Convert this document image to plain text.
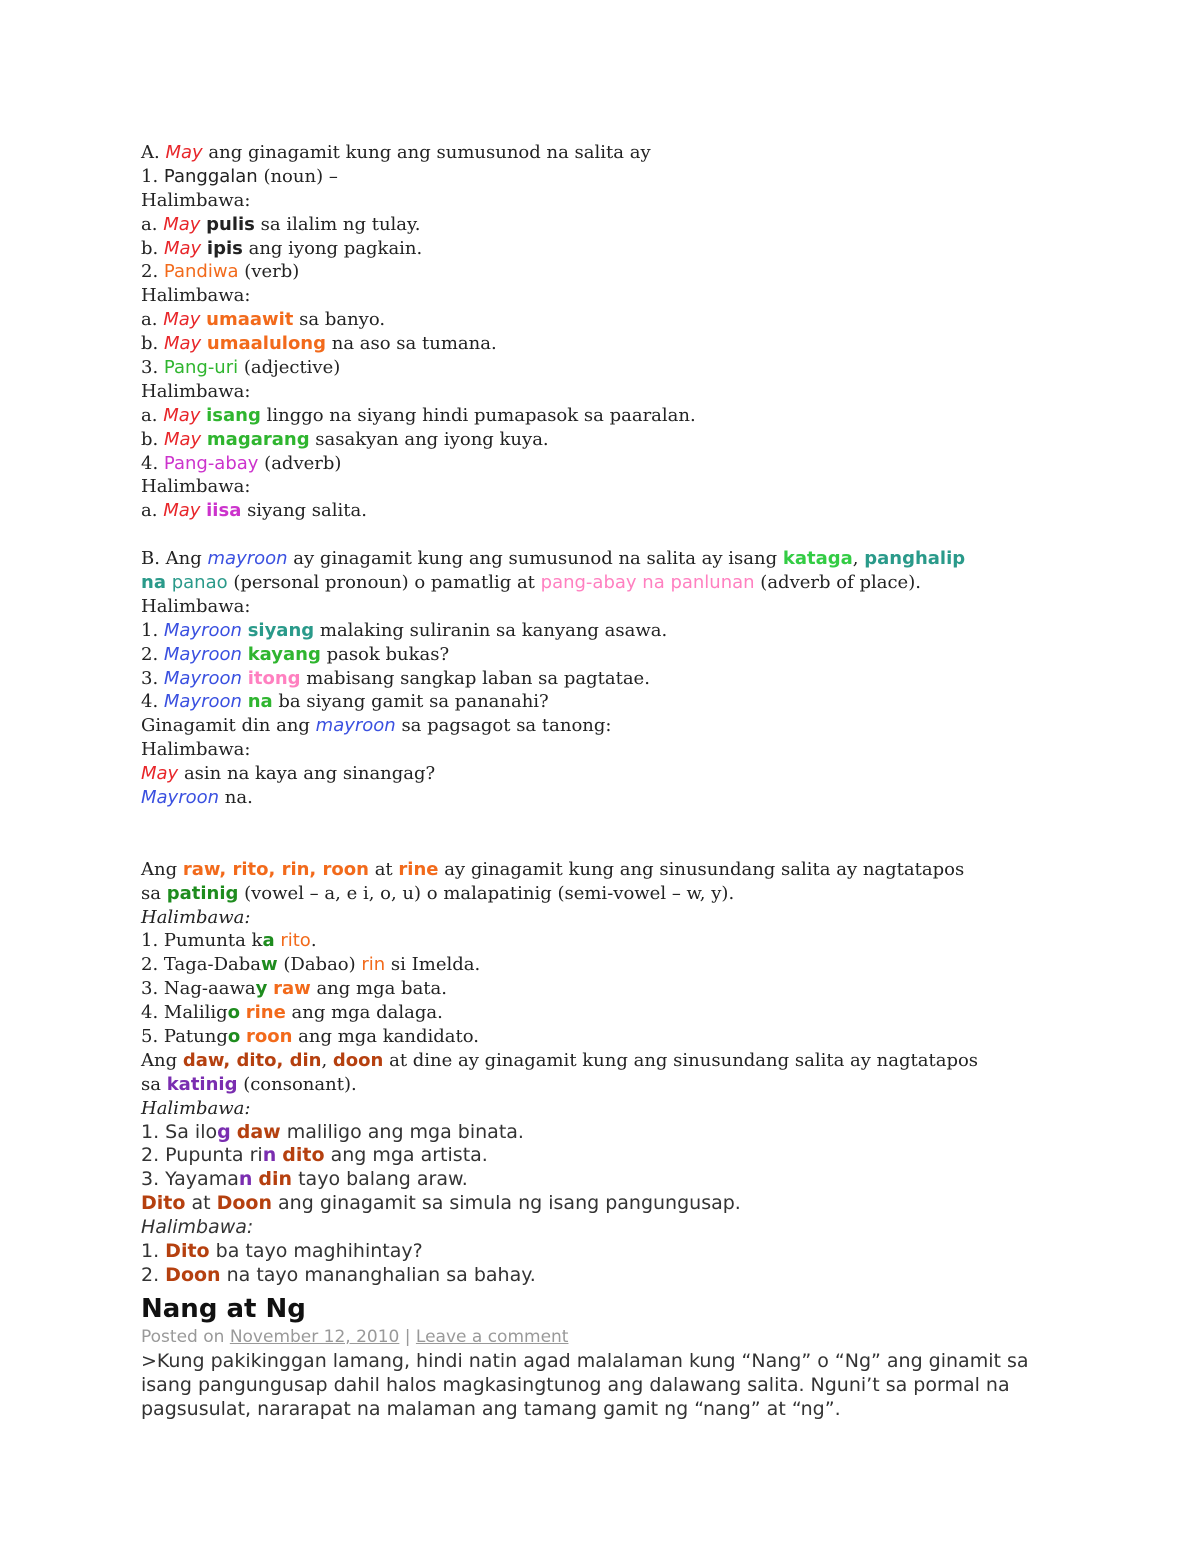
A. May ang ginagamit kung ang sumusunod na salita ay
1. Panggalan (noun) –
Halimbawa:
a. May pulis sa ilalim ng tulay.
b. May ipis ang iyong pagkain.
2. Pandiwa (verb)
Halimbawa:
a. May umaawit sa banyo.
b. May umaalulong na aso sa tumana.
3. Pang-uri (adjective)
Halimbawa:
a. May isang linggo na siyang hindi pumapasok sa paaralan.
b. May magarang sasakyan ang iyong kuya.
4. Pang-abay (adverb)
Halimbawa:
a. May iisa siyang salita.
B. Ang mayroon ay ginagamit kung ang sumusunod na salita ay isang kataga, panghalip
na panao (personal pronoun) o pamatlig at pang-abay na panlunan (adverb of place).
Halimbawa:
1. Mayroon siyang malaking suliranin sa kanyang asawa.
2. Mayroon kayang pasok bukas?
3. Mayroon itong mabisang sangkap laban sa pagtatae.
4. Mayroon na ba siyang gamit sa pananahi?
Ginagamit din ang mayroon sa pagsagot sa tanong:
Halimbawa:
May asin na kaya ang sinangag?
Mayroon na.
Ang raw, rito, rin, roon at rine ay ginagamit kung ang sinusundang salita ay nagtatapos
sa patinig (vowel – a, e i, o, u) o malapatinig (semi-vowel – w, y).
Halimbawa:
1. Pumunta ka rito.
2. Taga-Dabaw (Dabao) rin si Imelda.
3. Nag-aaway raw ang mga bata.
4. Maliligo rine ang mga dalaga.
5. Patungo roon ang mga kandidato.
Ang daw, dito, din, doon at dine ay ginagamit kung ang sinusundang salita ay nagtatapos
sa katinig (consonant).
Halimbawa:
1. Sa ilog daw maliligo ang mga binata.
2. Pupunta rin dito ang mga artista.
3. Yayaman din tayo balang araw.
Dito at Doon ang ginagamit sa simula ng isang pangungusap.
Halimbawa:
1. Dito ba tayo maghihintay?
2. Doon na tayo mananghalian sa bahay.
Nang at Ng
Posted on November 12, 2010 | Leave a comment
>Kung pakikinggan lamang, hindi natin agad malalaman kung “Nang” o “Ng” ang ginamit sa isang pangungusap dahil halos magkasingtunog ang dalawang salita. Nguni’t sa pormal na pagsusulat, nararapat na malaman ang tamang gamit ng “nang” at “ng”.
